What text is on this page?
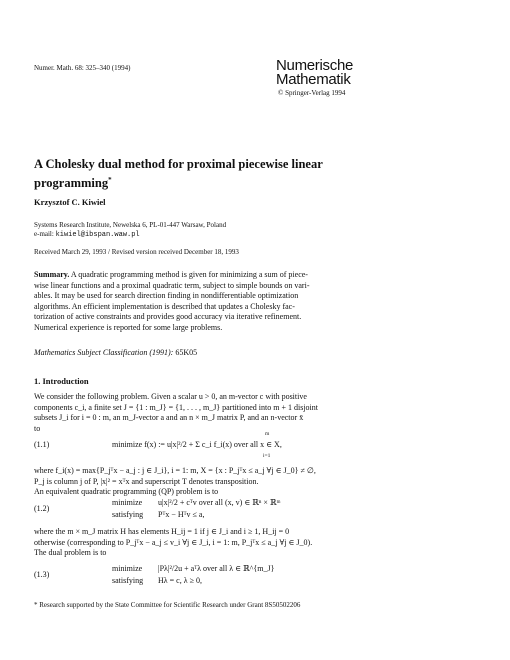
Numer. Math. 68: 325–340 (1994)	Numerische
Mathematik
© Springer-Verlag 1994
A Cholesky dual method for proximal piecewise linear
programming*
Krzysztof C. Kiwiel
Systems Research Institute, Newelska 6, PL-01-447 Warsaw, Poland
e-mail: kiwiel@ibspan.waw.pl
Received March 29, 1993 / Revised version received December 18, 1993
Summary. A quadratic programming method is given for minimizing a sum of piece-
wise linear functions and a proximal quadratic term, subject to simple bounds on vari-
ables. It may be used for search direction finding in nondifferentiable optimization
algorithms. An efficient implementation is described that updates a Cholesky fac-
torization of active constraints and provides good accuracy via iterative refinement.
Numerical experience is reported for some large problems.
Mathematics Subject Classification (1991): 65K05
1. Introduction
We consider the following problem. Given a scalar u > 0, an m-vector c with positive
components c_i, a finite set J = {1 : m_J} = {1, . . . , m_J} partitioned into m + 1 disjoint
subsets J_i for i = 0 : m, an m_J-vector a and an n × m_J matrix P, and an n-vector x̄
to
(1.1)	minimize f(x) := u|x|²/2 + Σ c_i f_i(x) over all x ∈ X,
m
i=1
where f_i(x) = max{P_jᵀx − a_j : j ∈ J_i}, i = 1: m, X = {x : P_jᵀx ≤ a_j ∀j ∈ J_0} ≠ ∅,
P_j is column j of P, |x|² = xᵀx and superscript T denotes transposition.
An equivalent quadratic programming (QP) problem is to
(1.2)
minimize u|x|²/2 + cᵀv over all (x, v) ∈ ℝⁿ × ℝᵐ
satisfying Pᵀx − Hᵀv ≤ a,
where the m × m_J matrix H has elements H_ij = 1 if j ∈ J_i and i ≥ 1, H_ij = 0
otherwise (corresponding to P_jᵀx − a_j ≤ v_i ∀j ∈ J_i, i = 1: m, P_jᵀx ≤ a_j ∀j ∈ J_0).
The dual problem is to
(1.3)
minimize |Pλ|²/2u + aᵀλ over all λ ∈ ℝ^{m_J}
satisfying Hλ = c, λ ≥ 0,
* Research supported by the State Committee for Scientific Research under Grant 8S50502206
